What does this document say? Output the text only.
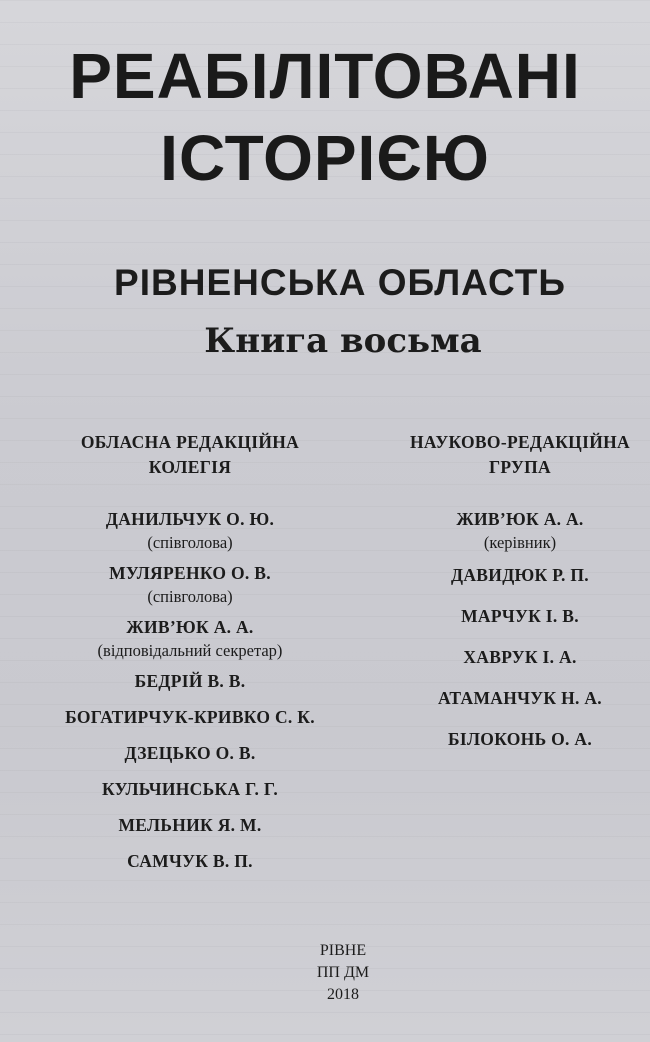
РЕАБІЛІТОВАНІ
ІСТОРІЄЮ
РІВНЕНСЬКА ОБЛАСТЬ
Книга восьма
ОБЛАСНА РЕДАКЦІЙНА
КОЛЕГІЯ
ДАНИЛЬЧУК О. Ю.
(співголова)
МУЛЯРЕНКО О. В.
(співголова)
ЖИВ’ЮК А. А.
(відповідальний секретар)
БЕДРІЙ В. В.
БОГАТИРЧУК-КРИВКО С. К.
ДЗЕЦЬКО О. В.
КУЛЬЧИНСЬКА Г. Г.
МЕЛЬНИК Я. М.
САМЧУК В. П.
НАУКОВО-РЕДАКЦІЙНА
ГРУПА
ЖИВ’ЮК А. А.
(керівник)
ДАВИДЮК Р. П.
МАРЧУК І. В.
ХАВРУК І. А.
АТАМАНЧУК Н. А.
БІЛОКОНЬ О. А.
РІВНЕ
ПП ДМ
2018
